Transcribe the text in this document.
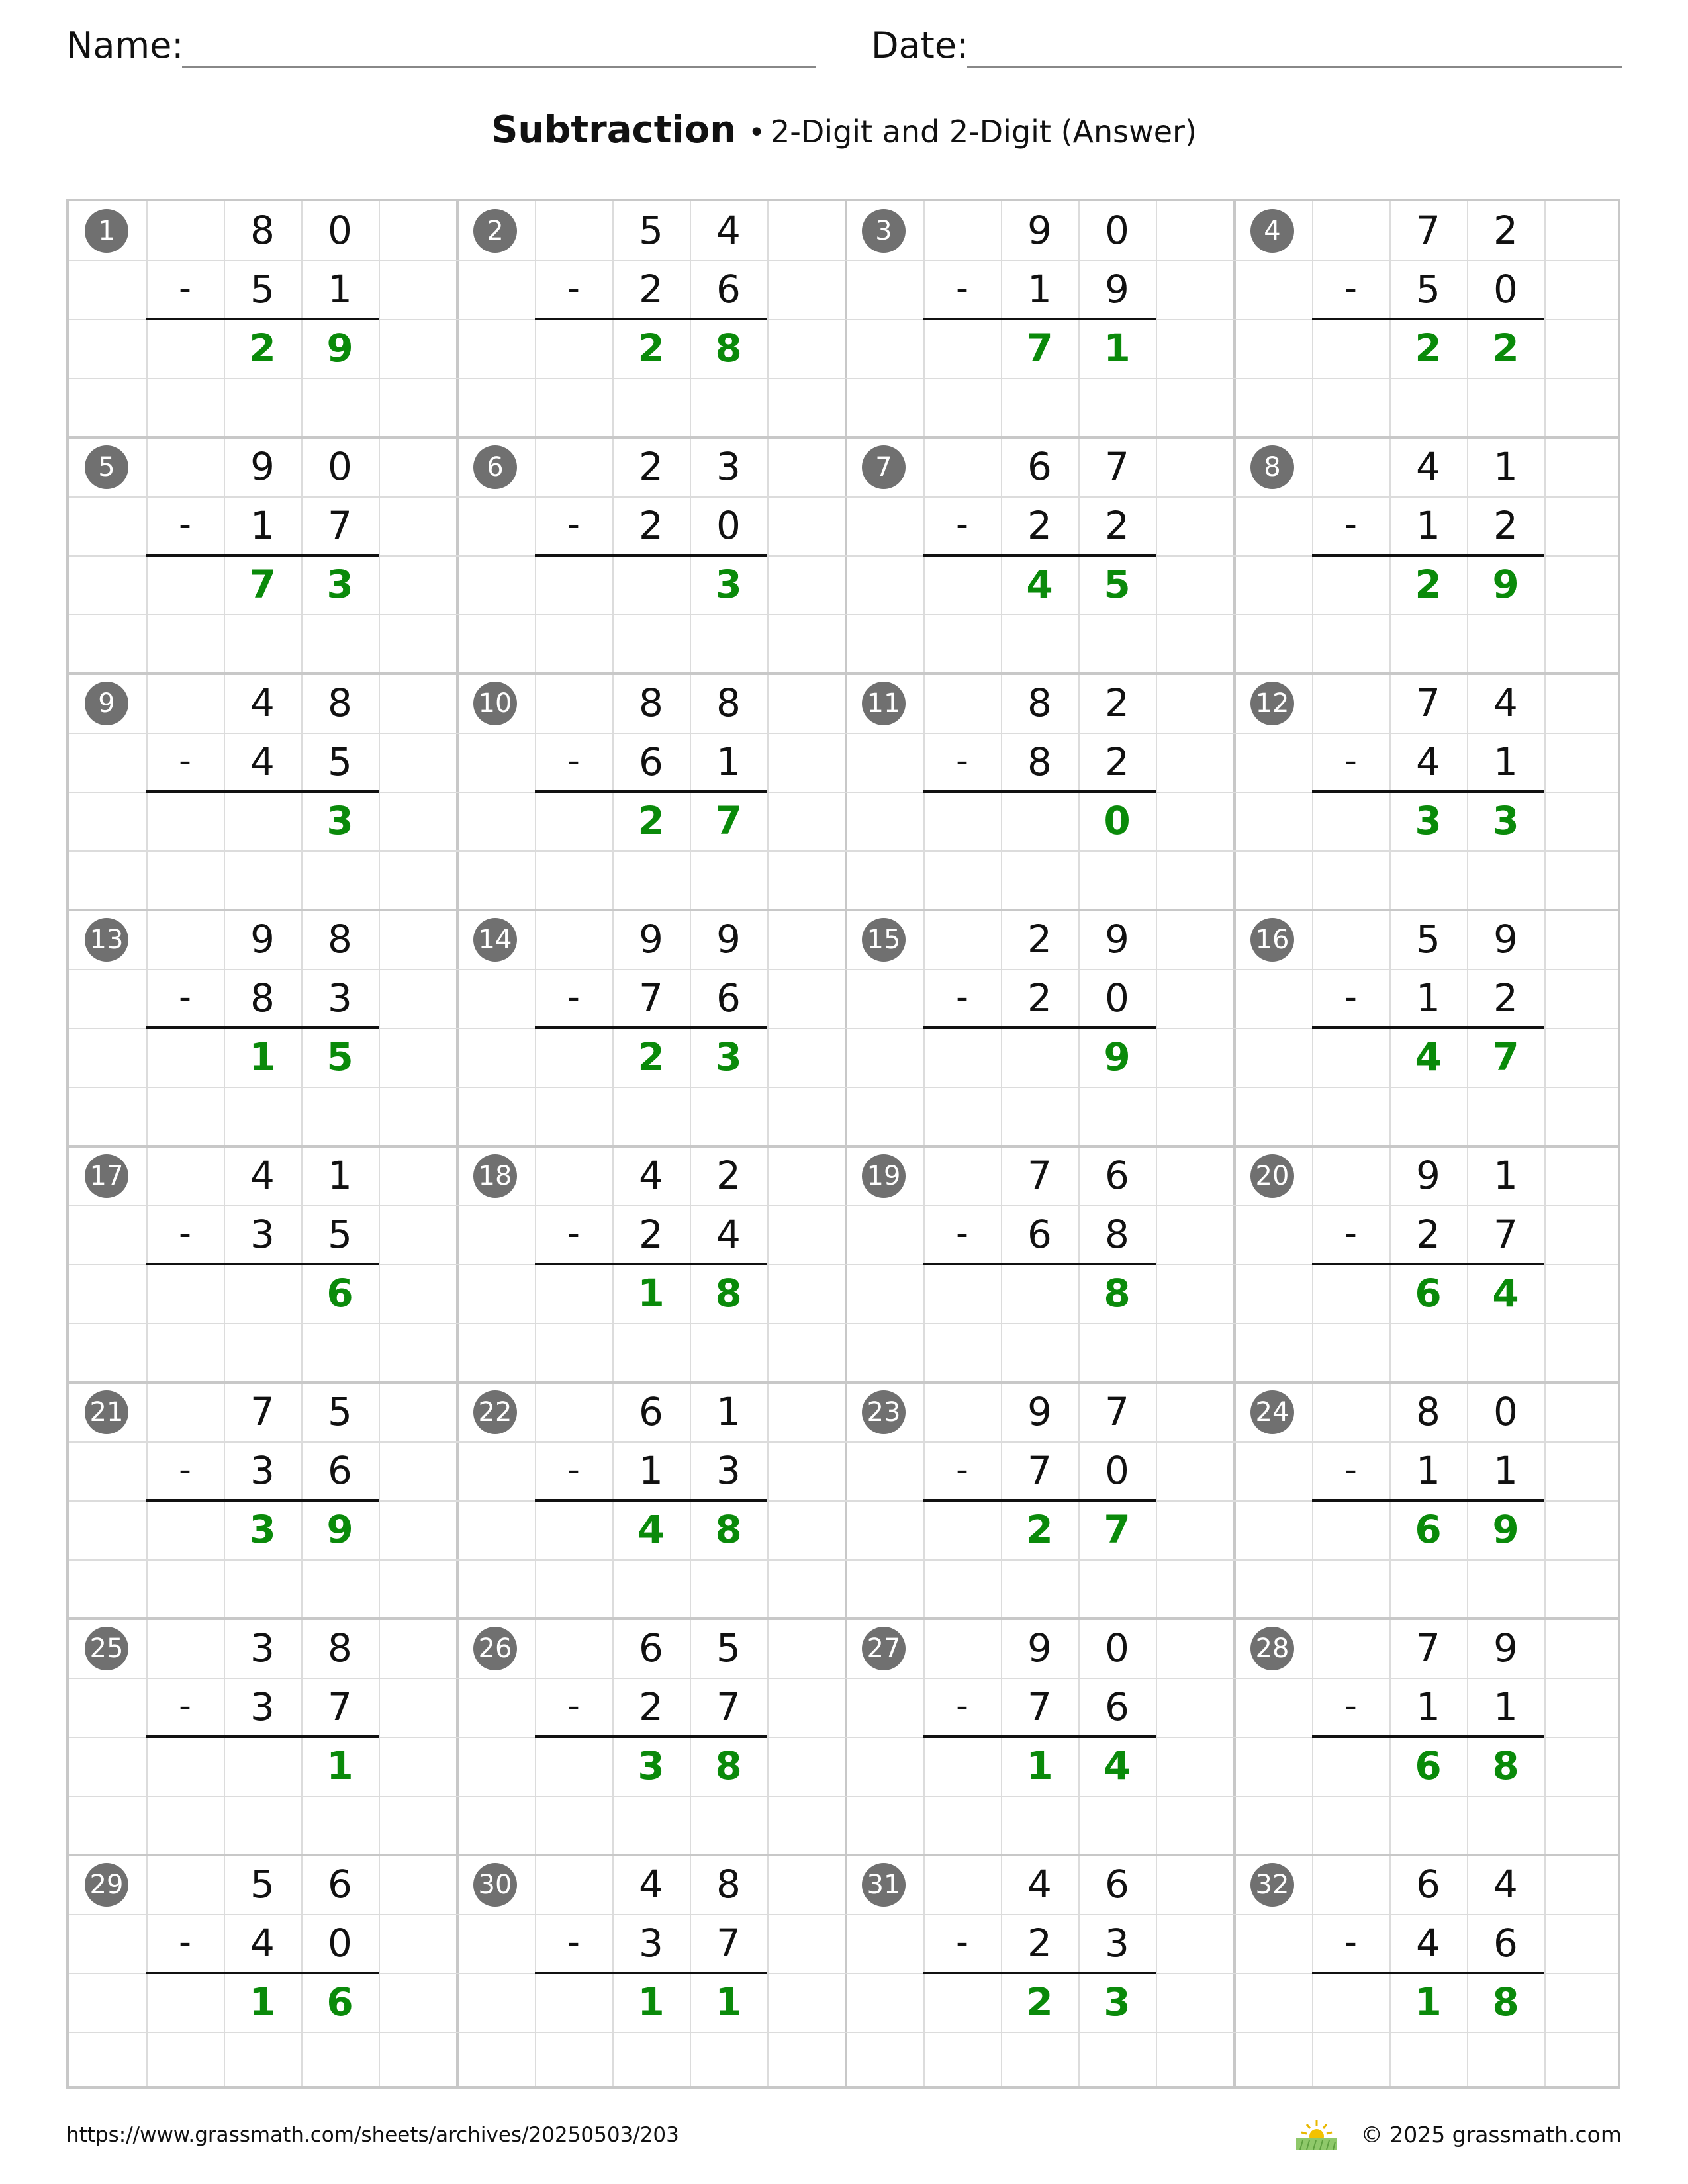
Name:	Date:
Subtraction • 2-Digit and 2-Digit (Answer)
1	8	0
-	5	1
2	9
2	5	4
-	2	6
2	8
3	9	0
-	1	9
7	1
4	7	2
-	5	0
2	2
5	9	0
-	1	7
7	3
6	2	3
-	2	0
3
7	6	7
-	2	2
4	5
8	4	1
-	1	2
2	9
9	4	8
-	4	5
3
10	8	8
-	6	1
2	7
11	8	2
-	8	2
0
12	7	4
-	4	1
3	3
13	9	8
-	8	3
1	5
14	9	9
-	7	6
2	3
15	2	9
-	2	0
9
16	5	9
-	1	2
4	7
17	4	1
-	3	5
6
18	4	2
-	2	4
1	8
19	7	6
-	6	8
8
20	9	1
-	2	7
6	4
21	7	5
-	3	6
3	9
22	6	1
-	1	3
4	8
23	9	7
-	7	0
2	7
24	8	0
-	1	1
6	9
25	3	8
-	3	7
1
26	6	5
-	2	7
3	8
27	9	0
-	7	6
1	4
28	7	9
-	1	1
6	8
29	5	6
-	4	0
1	6
30	4	8
-	3	7
1	1
31	4	6
-	2	3
2	3
32	6	4
-	4	6
1	8
https://www.grassmath.com/sheets/archives/20250503/203	© 2025 grassmath.com
